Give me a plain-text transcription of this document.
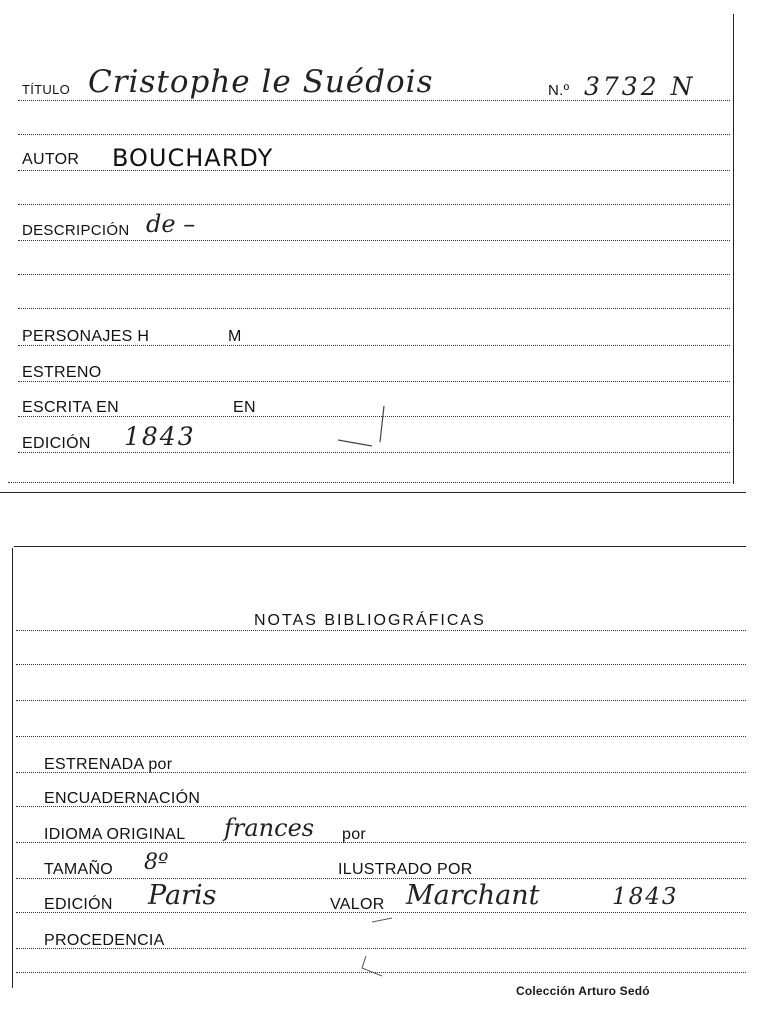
TÍTULO Cristophe le Suédois	N.º 3732 N
AUTOR BOUCHARDY
DESCRIPCIÓN de –
PERSONAJES H	M
ESTRENO
ESCRITA EN	EN
EDICIÓN 1843
NOTAS BIBLIOGRÁFICAS
ESTRENADA por
ENCUADERNACIÓN
IDIOMA ORIGINAL frances por
TAMAÑO 8º	ILUSTRADO POR
EDICIÓN Paris	VALOR Marchant	1843
PROCEDENCIA
Colección Arturo Sedó
